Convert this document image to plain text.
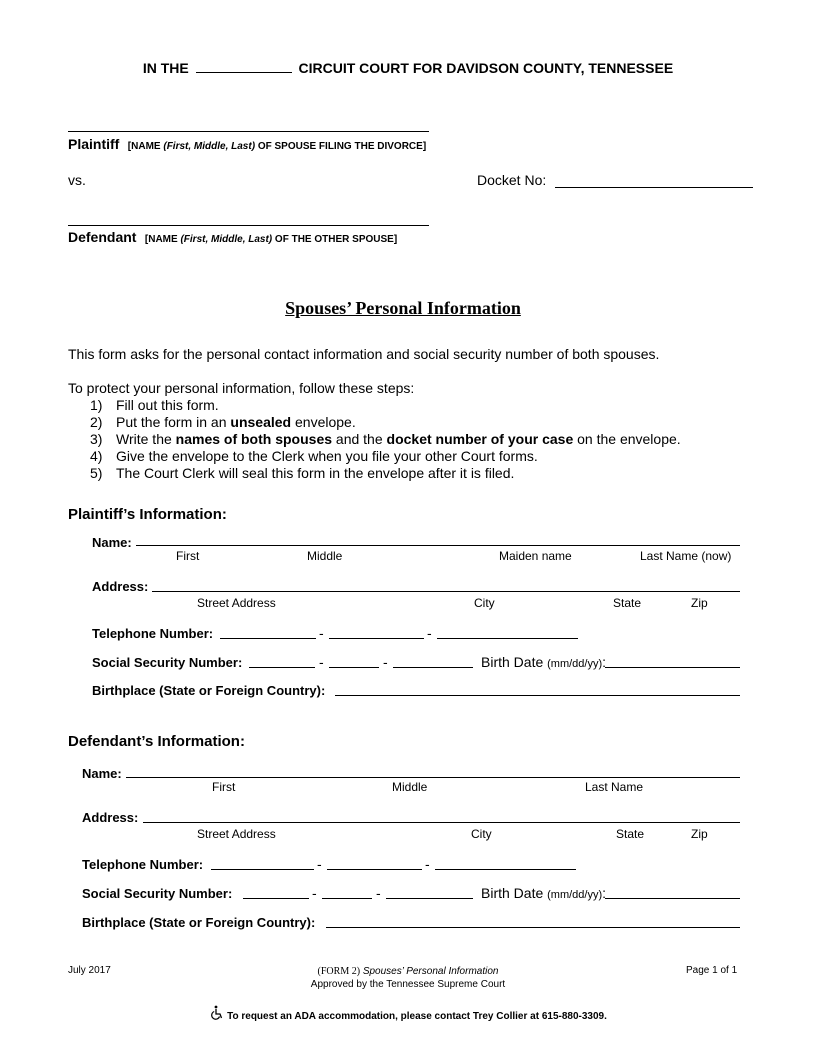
IN THE	CIRCUIT COURT FOR DAVIDSON COUNTY, TENNESSEE
Plaintiff [NAME (First, Middle, Last) OF SPOUSE FILING THE DIVORCE]
vs.	Docket No:
Defendant [NAME (First, Middle, Last) OF THE OTHER SPOUSE]
Spouses’ Personal Information
This form asks for the personal contact information and social security number of both spouses.
To protect your personal information, follow these steps:
1) Fill out this form.
2) Put the form in an unsealed envelope.
3) Write the names of both spouses and the docket number of your case on the envelope.
4) Give the envelope to the Clerk when you file your other Court forms.
5) The Court Clerk will seal this form in the envelope after it is filed.
Plaintiff’s Information:
Name:
First	Middle	Maiden name	Last Name (now)
Address:
Street Address	City	State	Zip
Telephone Number:	-	-
Social Security Number:	-	-	Birth Date (mm/dd/yy):
Birthplace (State or Foreign Country):
Defendant’s Information:
Name:
First	Middle	Last Name
Address:
Street Address	City	State	Zip
Telephone Number:	-	-
Social Security Number:	-	-	Birth Date (mm/dd/yy):
Birthplace (State or Foreign Country):
July 2017	(FORM 2) Spouses’ Personal Information
Approved by the Tennessee Supreme Court
Page 1 of 1
To request an ADA accommodation, please contact Trey Collier at 615-880-3309.
